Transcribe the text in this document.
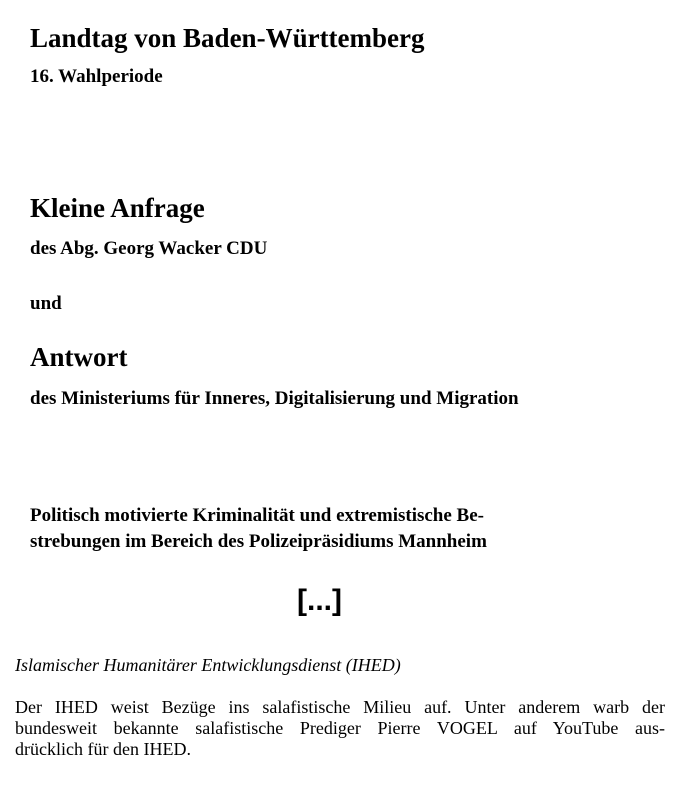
Landtag von Baden-Württemberg
16. Wahlperiode
Kleine Anfrage
des Abg. Georg Wacker CDU
und
Antwort
des Ministeriums für Inneres, Digitalisierung und Migration
Politisch motivierte Kriminalität und extremistische Be-
strebungen im Bereich des Polizeipräsidiums Mannheim
[...]
Islamischer Humanitärer Entwicklungsdienst (IHED)
Der IHED weist Bezüge ins salafistische Milieu auf. Unter anderem warb der
bundesweit bekannte salafistische Prediger Pierre VOGEL auf YouTube aus-
drücklich für den IHED.
